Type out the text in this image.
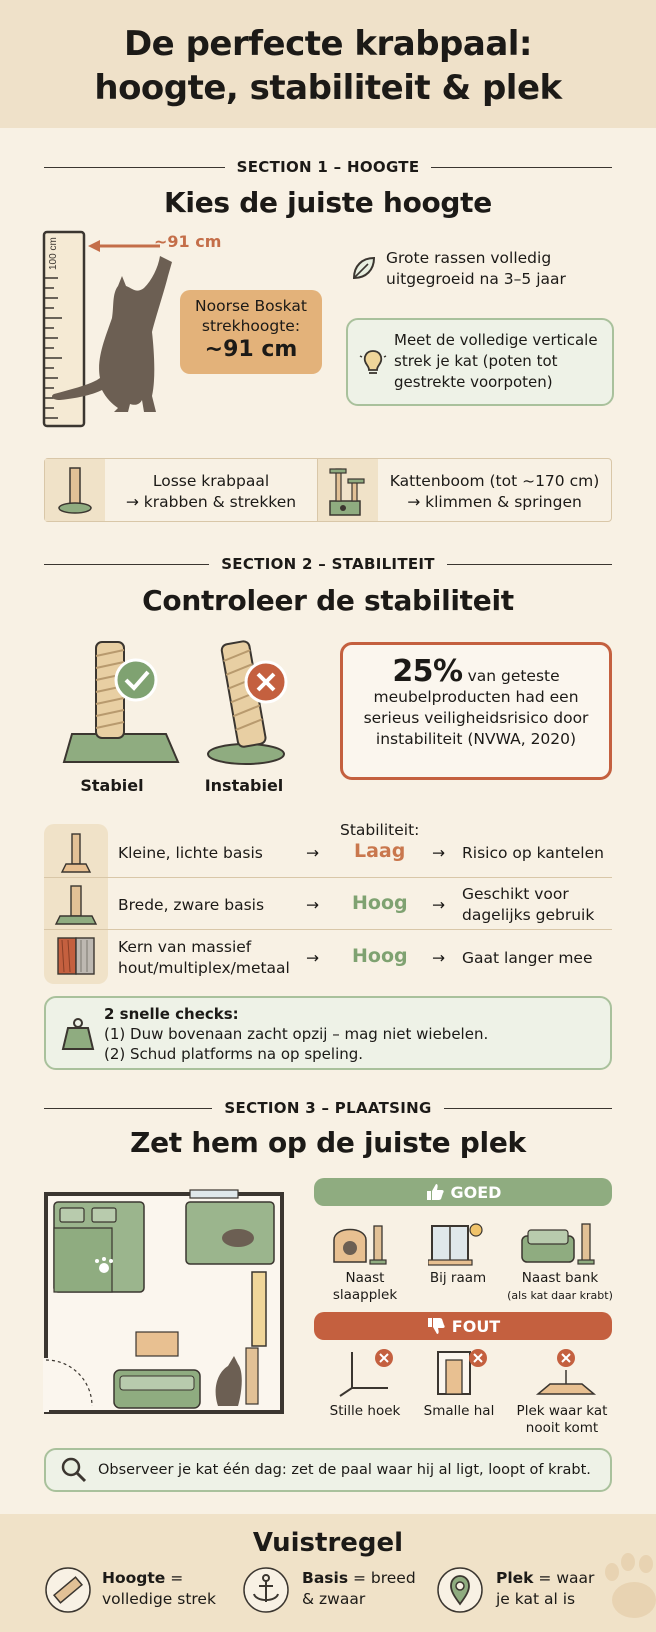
De perfecte krabpaal:
hoogte, stabiliteit & plek
SECTION 1 – HOOGTE
Kies de juiste hoogte
100 cm	~91 cm
Noorse Boskat
strekhoogte:
~91 cm
Grote rassen volledig
uitgegroeid na 3–5 jaar
Meet de volledige verticale
strek je kat (poten tot
gestrekte voorpoten)
Losse krabpaal
→ krabben & strekken
Kattenboom (tot ~170 cm)
→ klimmen & springen
SECTION 2 – STABILITEIT
Controleer de stabiliteit
Stabiel	Instabiel
25% van geteste
meubelproducten had een
serieus veiligheidsrisico door
instabiliteit (NVWA, 2020)
Stabiliteit:
Kleine, lichte basis	→ Laag → Risico op kantelen
Brede, zware basis	→ Hoog →
Geschikt voor
dagelijks gebruik
Kern van massief
hout/multiplex/metaal
→ Hoog → Gaat langer mee
2 snelle checks:
(1) Duw bovenaan zacht opzij – mag niet wiebelen.
(2) Schud platforms na op speling.
SECTION 3 – PLAATSING
Zet hem op de juiste plek
GOED
Naast
slaapplek
Bij raam	Naast bank
(als kat daar krabt)
FOUT
Stille hoek	Smalle hal	Plek waar kat
nooit komt
Observeer je kat één dag: zet de paal waar hij al ligt, loopt of krabt.
Vuistregel
Hoogte =
volledige strek
Basis = breed
& zwaar
Plek = waar
je kat al is
